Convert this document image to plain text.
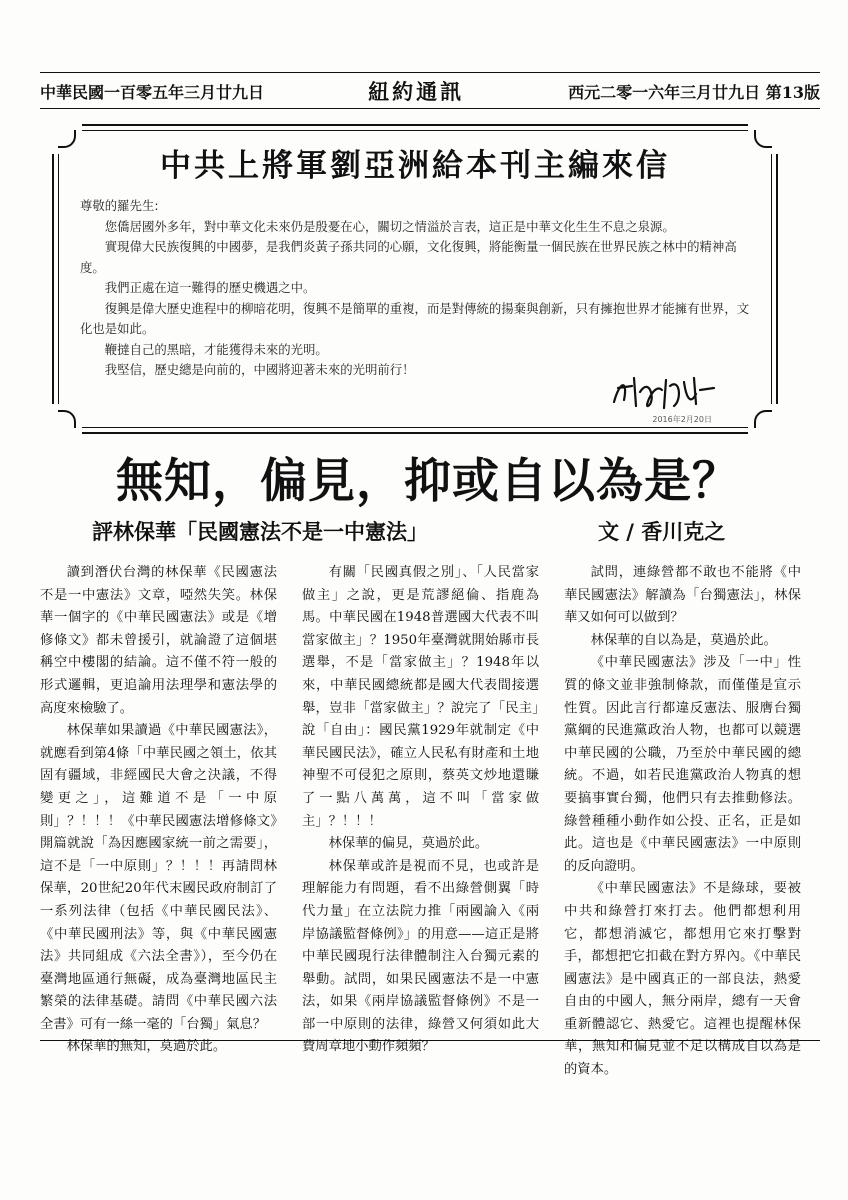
中華民國一百零五年三月廿九日	紐約通訊	西元二零一六年三月廿九日 第13版
中共上將軍劉亞洲給本刊主編來信

尊敬的羅先生:

您僑居國外多年，對中華文化未來仍是殷憂在心，關切之情溢於言表，這正是中華文化生生不息之泉源。

實現偉大民族復興的中國夢，是我們炎黃子孫共同的心願，文化復興，將能衡量一個民族在世界民族之林中的精神高度。

我們正處在這一難得的歷史機遇之中。

復興是偉大歷史進程中的柳暗花明，復興不是簡單的重複，而是對傳統的揚棄與創新，只有擁抱世界才能擁有世界，文化也是如此。

鞭撻自己的黑暗，才能獲得未來的光明。

我堅信，歷史總是向前的，中國將迎著未來的光明前行！

2016年2月20日
無知，偏見，抑或自以為是？
評林保華「民國憲法不是一中憲法」	文 / 香川克之

讀到潛伏台灣的林保華《民國憲法不是一中憲法》文章，啞然失笑。林保華一個字的《中華民國憲法》或是《增修條文》都未曾援引，就論證了這個堪稱空中樓閣的結論。這不僅不符一般的形式邏輯，更追論用法理學和憲法學的高度來檢驗了。

林保華如果讀過《中華民國憲法》，就應看到第4條「中華民國之領土，依其固有疆域，非經國民大會之決議，不得變更之」，這難道不是「一中原則」？！！！《中華民國憲法增修條文》開篇就說「為因應國家統一前之需要」，這不是「一中原則」？！！！再請問林保華，20世紀20年代末國民政府制訂了一系列法律（包括《中華民國民法》、《中華民國刑法》等，與《中華民國憲法》共同組成《六法全書》），至今仍在臺灣地區通行無礙，成為臺灣地區民主繁榮的法律基礎。請問《中華民國六法全書》可有一絲一毫的「台獨」氣息？

林保華的無知，莫過於此。

有關「民國真假之別」、「人民當家做主」之說，更是荒謬絕倫、指鹿為馬。中華民國在1948普選國大代表不叫當家做主」？1950年臺灣就開始縣市長選舉，不是「當家做主」？1948年以來，中華民國總統都是國大代表間接選舉，豈非「當家做主」？說完了「民主」說「自由」：國民黨1929年就制定《中華民國民法》，確立人民私有財產和土地神聖不可侵犯之原則，蔡英文炒地還賺了一點八萬萬，這不叫「當家做主」？！！！

林保華的偏見，莫過於此。

林保華或許是視而不見，也或許是理解能力有問題，看不出綠營側翼「時代力量」在立法院力推「兩國論入《兩岸協議監督條例》」的用意——這正是將中華民國現行法律體制注入台獨元素的舉動。試問，如果民國憲法不是一中憲法，如果《兩岸協議監督條例》不是一部一中原則的法律，綠營又何須如此大費周章地小動作頻頻？

試問，連綠營都不敢也不能將《中華民國憲法》解讀為「台獨憲法」，林保華又如何可以做到？

林保華的自以為是，莫過於此。

《中華民國憲法》涉及「一中」性質的條文並非強制條款，而僅僅是宣示性質。因此言行都違反憲法、服膺台獨黨綱的民進黨政治人物，也都可以競選中華民國的公職，乃至於中華民國的總統。不過，如若民進黨政治人物真的想要搞事實台獨，他們只有去推動修法。綠營種種小動作如公投、正名，正是如此。這也是《中華民國憲法》一中原則的反向證明。

《中華民國憲法》不是綠球，要被中共和綠營打來打去。他們都想利用它，都想消滅它，都想用它來打擊對手，都想把它扣截在對方界內。《中華民國憲法》是中國真正的一部良法，熱愛自由的中國人，無分兩岸，總有一天會重新體認它、熱愛它。這裡也提醒林保華，無知和偏見並不足以構成自以為是的資本。
